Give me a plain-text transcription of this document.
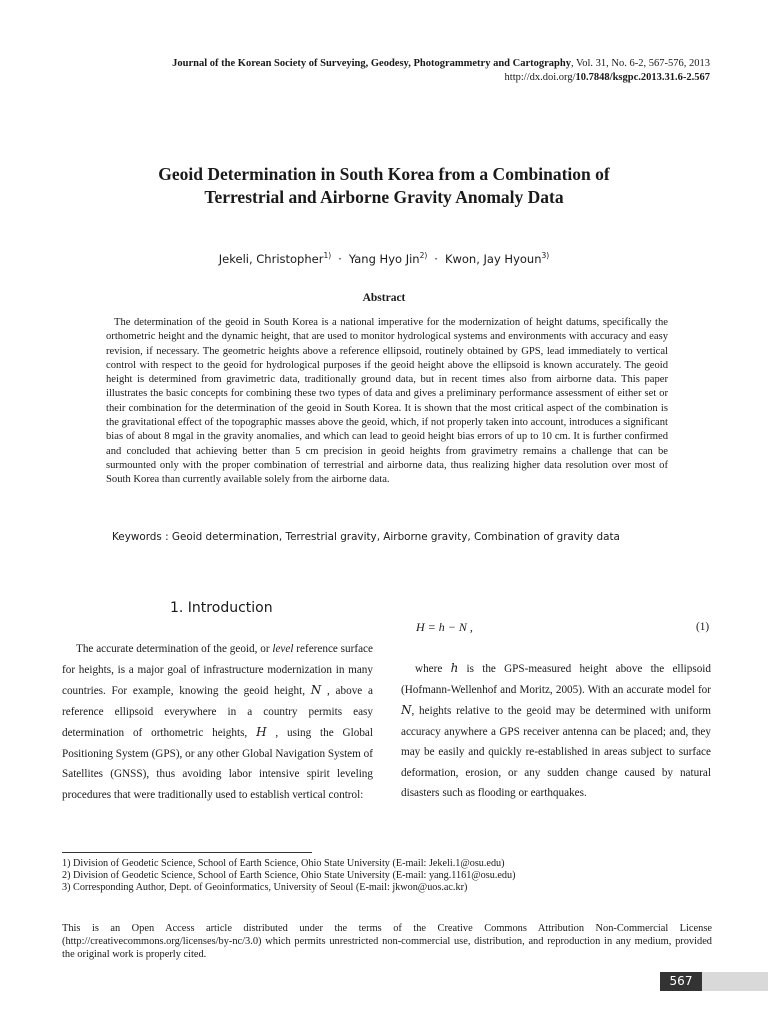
Journal of the Korean Society of Surveying, Geodesy, Photogrammetry and Cartography, Vol. 31, No. 6-2, 567-576, 2013
http://dx.doi.org/10.7848/ksgpc.2013.31.6-2.567
Geoid Determination in South Korea from a Combination of
Terrestrial and Airborne Gravity Anomaly Data
Jekeli, Christopher$^{1)}$ · Yang Hyo Jin$^{2)}$ · Kwon, Jay Hyoun$^{3)}$
Abstract
The determination of the geoid in South Korea is a national imperative for the modernization of height datums, specifically the orthometric height and the dynamic height, that are used to monitor hydrological systems and environments with accuracy and easy revision, if necessary. The geometric heights above a reference ellipsoid, routinely obtained by GPS, lead immediately to vertical control with respect to the geoid for hydrological purposes if the geoid height above the ellipsoid is known accurately. The geoid height is determined from gravimetric data, traditionally ground data, but in recent times also from airborne data. This paper illustrates the basic concepts for combining these two types of data and gives a preliminary performance assessment of either set or their combination for the determination of the geoid in South Korea. It is shown that the most critical aspect of the combination is the gravitational effect of the topographic masses above the geoid, which, if not properly taken into account, introduces a significant bias of about 8 mgal in the gravity anomalies, and which can lead to geoid height bias errors of up to 10 cm. It is further confirmed and concluded that achieving better than 5 cm precision in geoid heights from gravimetry remains a challenge that can be surmounted only with the proper combination of terrestrial and airborne data, thus realizing higher data resolution over most of South Korea than currently available solely from the airborne data.
Keywords : Geoid determination, Terrestrial gravity, Airborne gravity, Combination of gravity data
1. Introduction
The accurate determination of the geoid, or level reference surface for heights, is a major goal of infrastructure modernization in many countries. For example, knowing the geoid height, N , above a reference ellipsoid everywhere in a country permits easy determination of orthometric heights, H , using the Global Positioning System (GPS), or any other Global Navigation System of Satellites (GNSS), thus avoiding labor intensive spirit leveling procedures that were traditionally used to establish vertical control:
H = h − N ,	(1)
where h is the GPS-measured height above the ellipsoid (Hofmann-Wellenhof and Moritz, 2005). With an accurate model for N, heights relative to the geoid may be determined with uniform accuracy anywhere a GPS receiver antenna can be placed; and, they may be easily and quickly re-established in areas subject to surface deformation, erosion, or any sudden change caused by natural disasters such as flooding or earthquakes.
1) Division of Geodetic Science, School of Earth Science, Ohio State University (E-mail: Jekeli.1@osu.edu)
2) Division of Geodetic Science, School of Earth Science, Ohio State University (E-mail: yang.1161@osu.edu)
3) Corresponding Author, Dept. of Geoinformatics, University of Seoul (E-mail: jkwon@uos.ac.kr)
This is an Open Access article distributed under the terms of the Creative Commons Attribution Non-Commercial License (http://creativecommons.org/licenses/by-nc/3.0) which permits unrestricted non-commercial use, distribution, and reproduction in any medium, provided the original work is properly cited.
567
